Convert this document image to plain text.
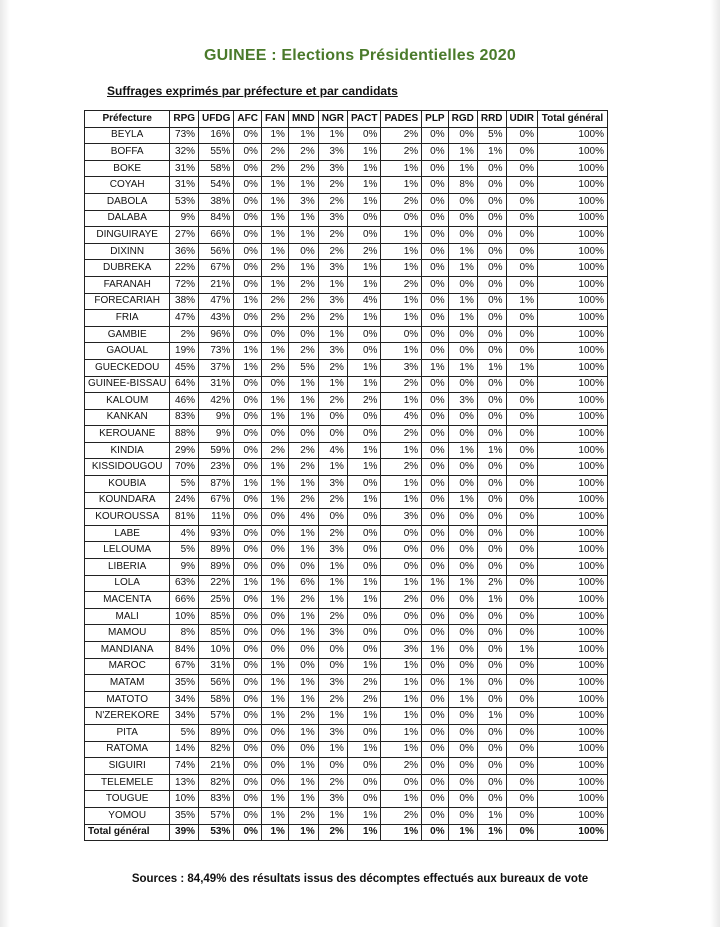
GUINEE : Elections Présidentielles 2020
Suffrages exprimés par préfecture et par candidats
Préfecture	RPG	UFDG	AFC	FAN	MND	NGR	PACT	PADES	PLP	RGD	RRD	UDIR	Total général
BEYLA	73%	16%	0%	1%	1%	1%	0%	2%	0%	0%	5%	0%	100%
BOFFA	32%	55%	0%	2%	2%	3%	1%	2%	0%	1%	1%	0%	100%
BOKE	31%	58%	0%	2%	2%	3%	1%	1%	0%	1%	0%	0%	100%
COYAH	31%	54%	0%	1%	1%	2%	1%	1%	0%	8%	0%	0%	100%
DABOLA	53%	38%	0%	1%	3%	2%	1%	2%	0%	0%	0%	0%	100%
DALABA	9%	84%	0%	1%	1%	3%	0%	0%	0%	0%	0%	0%	100%
DINGUIRAYE	27%	66%	0%	1%	1%	2%	0%	1%	0%	0%	0%	0%	100%
DIXINN	36%	56%	0%	1%	0%	2%	2%	1%	0%	1%	0%	0%	100%
DUBREKA	22%	67%	0%	2%	1%	3%	1%	1%	0%	1%	0%	0%	100%
FARANAH	72%	21%	0%	1%	2%	1%	1%	2%	0%	0%	0%	0%	100%
FORECARIAH	38%	47%	1%	2%	2%	3%	4%	1%	0%	1%	0%	1%	100%
FRIA	47%	43%	0%	2%	2%	2%	1%	1%	0%	1%	0%	0%	100%
GAMBIE	2%	96%	0%	0%	0%	1%	0%	0%	0%	0%	0%	0%	100%
GAOUAL	19%	73%	1%	1%	2%	3%	0%	1%	0%	0%	0%	0%	100%
GUECKEDOU	45%	37%	1%	2%	5%	2%	1%	3%	1%	1%	1%	1%	100%
GUINEE-BISSAU	64%	31%	0%	0%	1%	1%	1%	2%	0%	0%	0%	0%	100%
KALOUM	46%	42%	0%	1%	1%	2%	2%	1%	0%	3%	0%	0%	100%
KANKAN	83%	9%	0%	1%	1%	0%	0%	4%	0%	0%	0%	0%	100%
KEROUANE	88%	9%	0%	0%	0%	0%	0%	2%	0%	0%	0%	0%	100%
KINDIA	29%	59%	0%	2%	2%	4%	1%	1%	0%	1%	1%	0%	100%
KISSIDOUGOU	70%	23%	0%	1%	2%	1%	1%	2%	0%	0%	0%	0%	100%
KOUBIA	5%	87%	1%	1%	1%	3%	0%	1%	0%	0%	0%	0%	100%
KOUNDARA	24%	67%	0%	1%	2%	2%	1%	1%	0%	1%	0%	0%	100%
KOUROUSSA	81%	11%	0%	0%	4%	0%	0%	3%	0%	0%	0%	0%	100%
LABE	4%	93%	0%	0%	1%	2%	0%	0%	0%	0%	0%	0%	100%
LELOUMA	5%	89%	0%	0%	1%	3%	0%	0%	0%	0%	0%	0%	100%
LIBERIA	9%	89%	0%	0%	0%	1%	0%	0%	0%	0%	0%	0%	100%
LOLA	63%	22%	1%	1%	6%	1%	1%	1%	1%	1%	2%	0%	100%
MACENTA	66%	25%	0%	1%	2%	1%	1%	2%	0%	0%	1%	0%	100%
MALI	10%	85%	0%	0%	1%	2%	0%	0%	0%	0%	0%	0%	100%
MAMOU	8%	85%	0%	0%	1%	3%	0%	0%	0%	0%	0%	0%	100%
MANDIANA	84%	10%	0%	0%	0%	0%	0%	3%	1%	0%	0%	1%	100%
MAROC	67%	31%	0%	1%	0%	0%	1%	1%	0%	0%	0%	0%	100%
MATAM	35%	56%	0%	1%	1%	3%	2%	1%	0%	1%	0%	0%	100%
MATOTO	34%	58%	0%	1%	1%	2%	2%	1%	0%	1%	0%	0%	100%
N'ZEREKORE	34%	57%	0%	1%	2%	1%	1%	1%	0%	0%	1%	0%	100%
PITA	5%	89%	0%	0%	1%	3%	0%	1%	0%	0%	0%	0%	100%
RATOMA	14%	82%	0%	0%	0%	1%	1%	1%	0%	0%	0%	0%	100%
SIGUIRI	74%	21%	0%	0%	1%	0%	0%	2%	0%	0%	0%	0%	100%
TELEMELE	13%	82%	0%	0%	1%	2%	0%	0%	0%	0%	0%	0%	100%
TOUGUE	10%	83%	0%	1%	1%	3%	0%	1%	0%	0%	0%	0%	100%
YOMOU	35%	57%	0%	1%	2%	1%	1%	2%	0%	0%	1%	0%	100%
Total général	39%	53%	0%	1%	1%	2%	1%	1%	0%	1%	1%	0%	100%
Sources : 84,49% des résultats issus des décomptes effectués aux bureaux de vote
